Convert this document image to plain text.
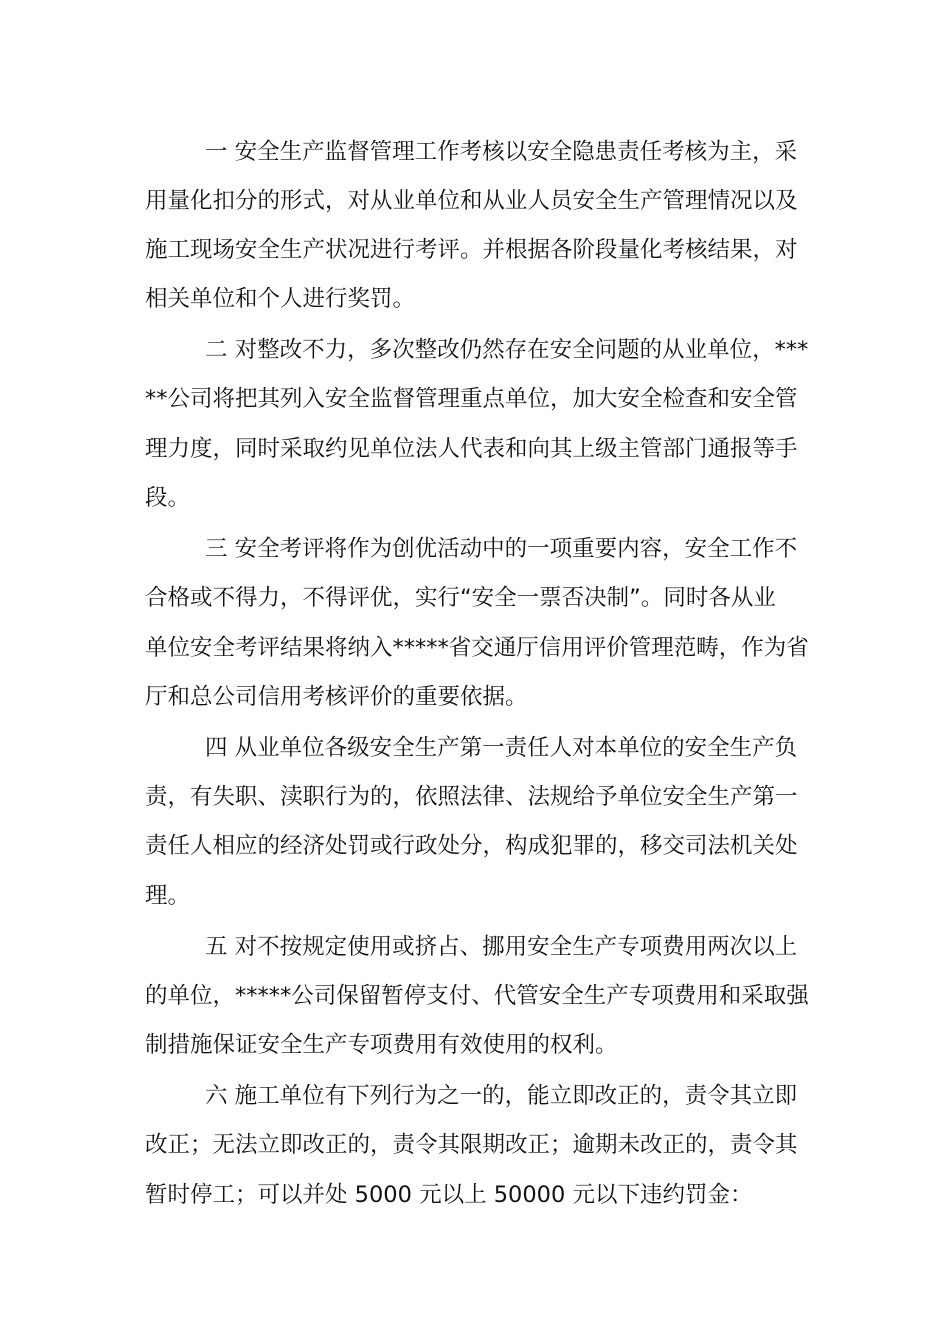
一 安全生产监督管理工作考核以安全隐患责任考核为主，采
用量化扣分的形式，对从业单位和从业人员安全生产管理情况以及
施工现场安全生产状况进行考评。并根据各阶段量化考核结果，对
相关单位和个人进行奖罚。
二 对整改不力，多次整改仍然存在安全问题的从业单位，***
**公司将把其列入安全监督管理重点单位，加大安全检查和安全管
理力度，同时采取约见单位法人代表和向其上级主管部门通报等手
段。
三 安全考评将作为创优活动中的一项重要内容，安全工作不
合格或不得力，不得评优，实行“安全一票否决制”。同时各从业
单位安全考评结果将纳入*****省交通厅信用评价管理范畴，作为省
厅和总公司信用考核评价的重要依据。
四 从业单位各级安全生产第一责任人对本单位的安全生产负
责，有失职、渎职行为的，依照法律、法规给予单位安全生产第一
责任人相应的经济处罚或行政处分，构成犯罪的，移交司法机关处
理。
五 对不按规定使用或挤占、挪用安全生产专项费用两次以上
的单位，*****公司保留暂停支付、代管安全生产专项费用和采取强
制措施保证安全生产专项费用有效使用的权利。
六 施工单位有下列行为之一的，能立即改正的，责令其立即
改正；无法立即改正的，责令其限期改正；逾期未改正的，责令其
暂时停工；可以并处 5000 元以上 50000 元以下违约罚金：
